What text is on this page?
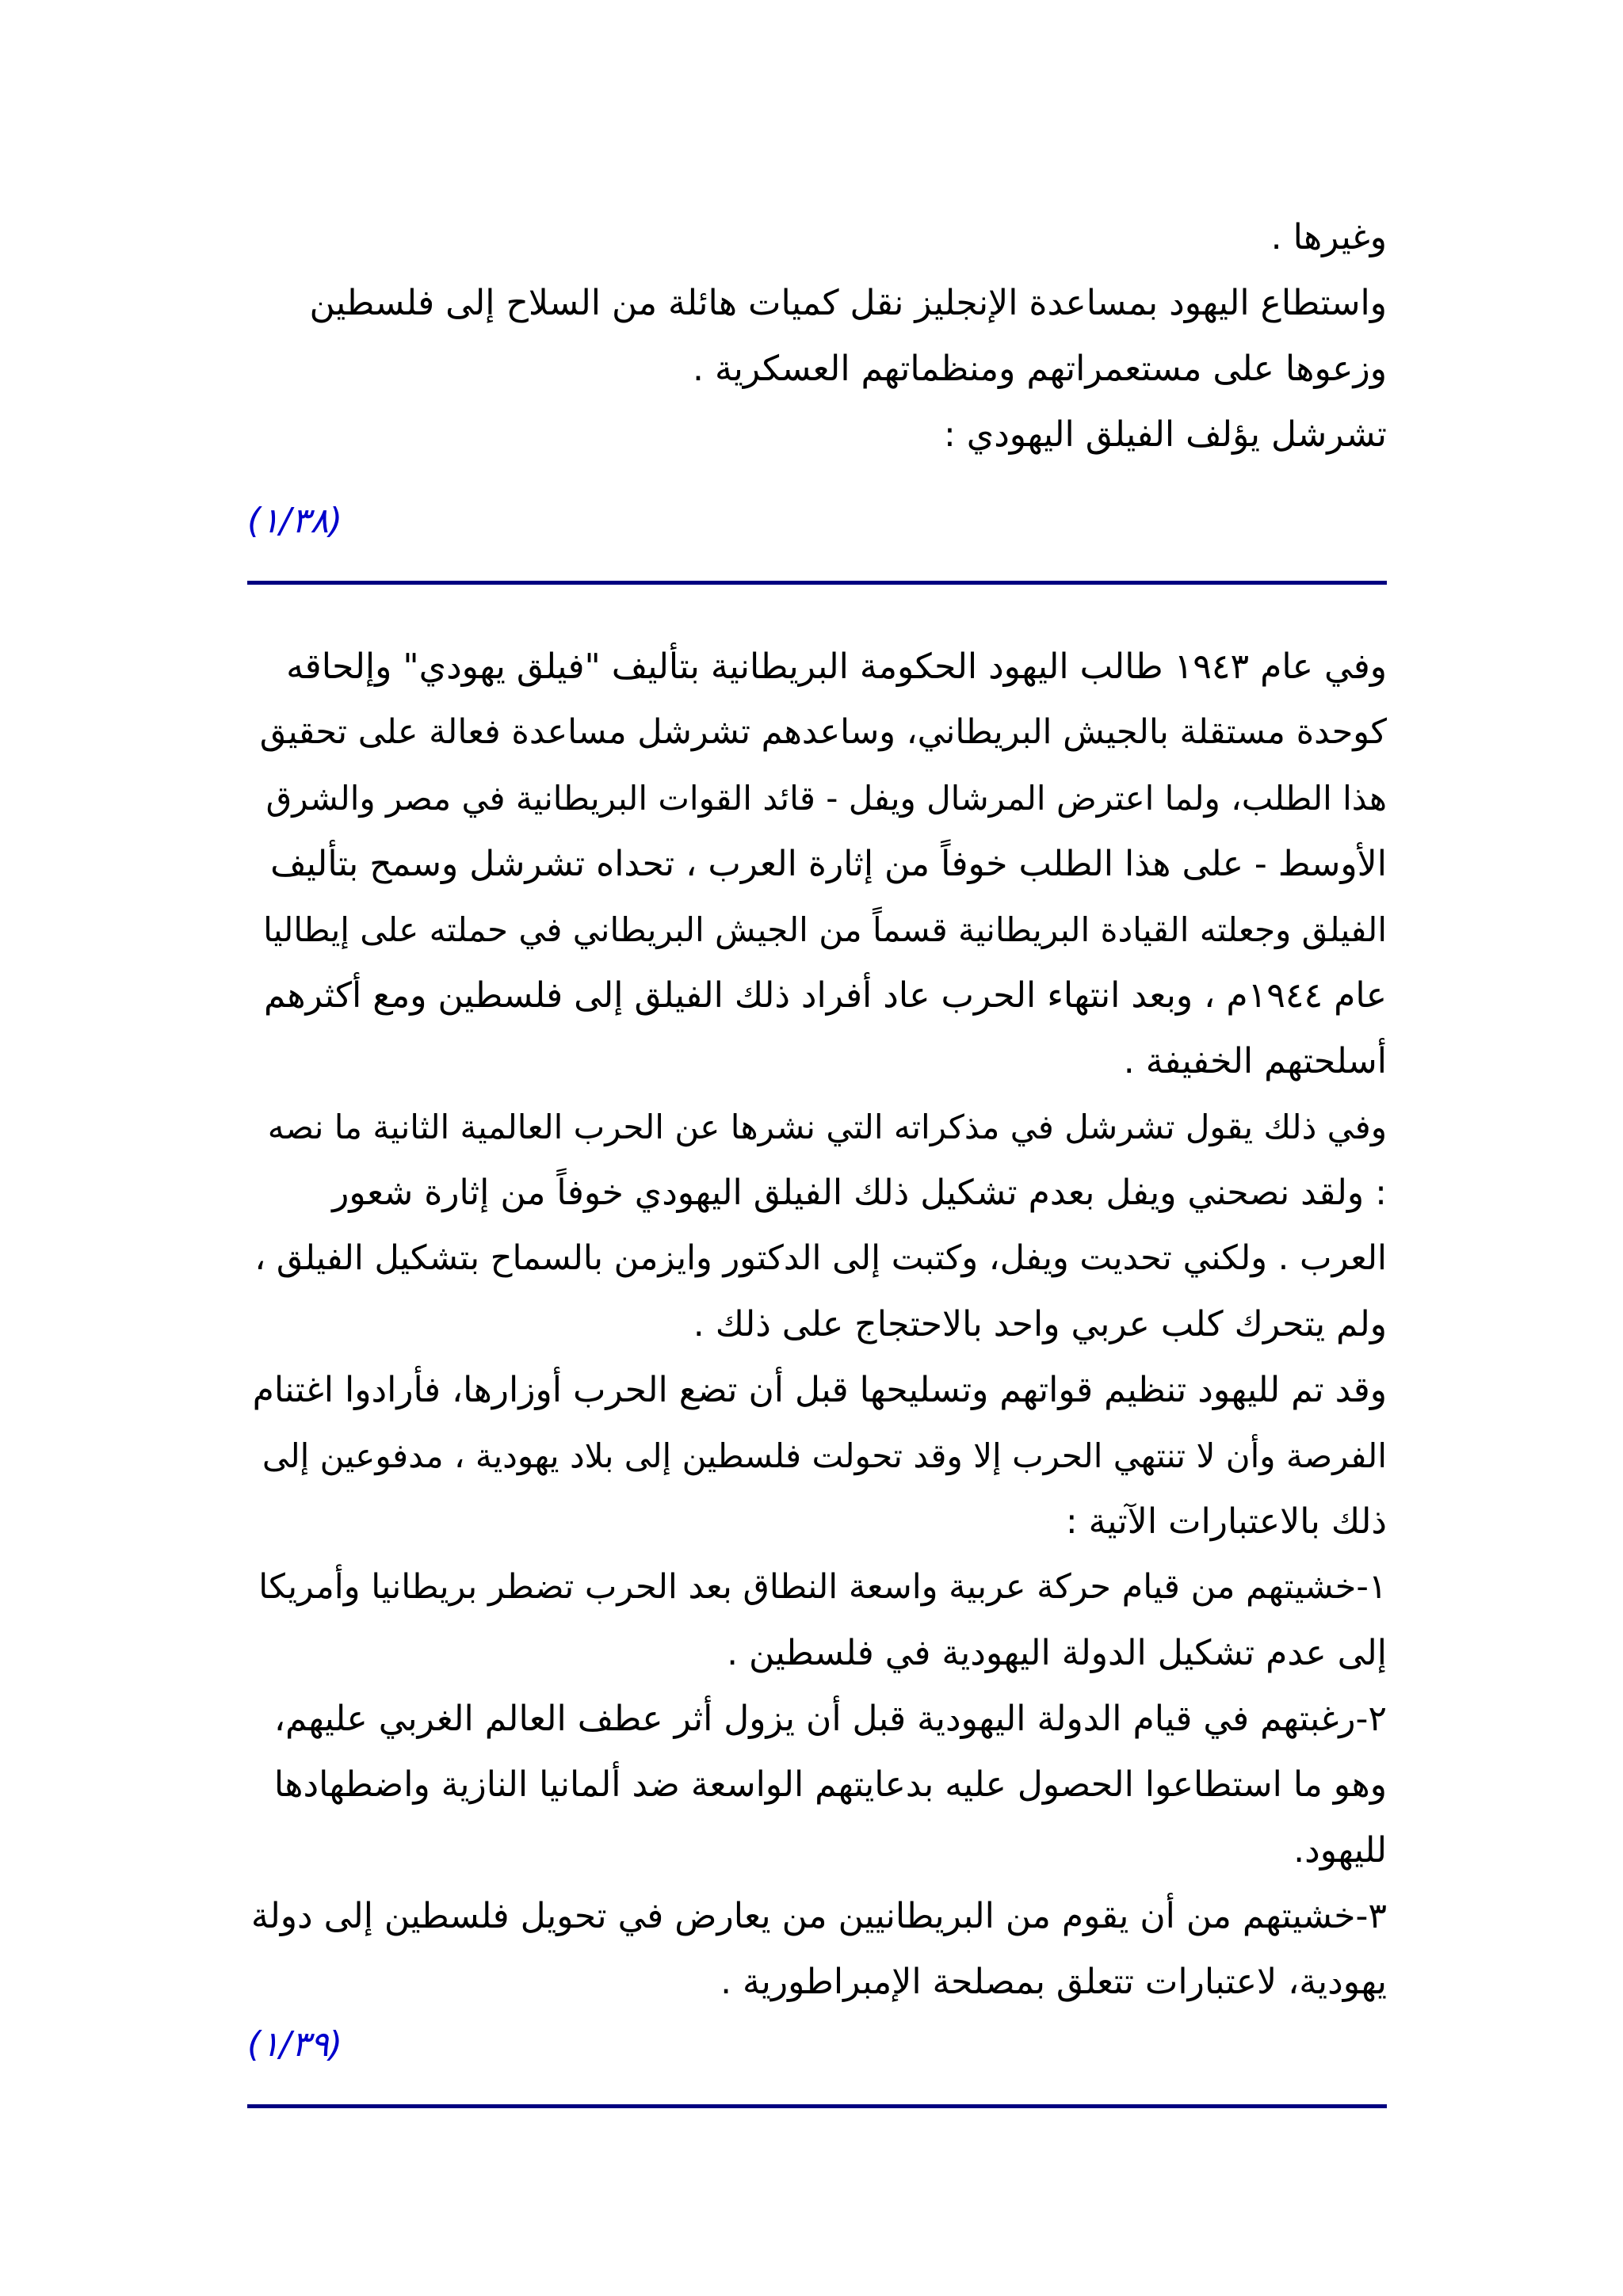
وغيرها .
واستطاع اليهود بمساعدة الإنجليز نقل كميات هائلة من السلاح إلى فلسطين
وزعوها على مستعمراتهم ومنظماتهم العسكرية .
تشرشل يؤلف الفيلق اليهودي :
(١/٣٨)
وفي عام ١٩٤٣ طالب اليهود الحكومة البريطانية بتأليف "فيلق يهودي" وإلحاقه
كوحدة مستقلة بالجيش البريطاني، وساعدهم تشرشل مساعدة فعالة على تحقيق
هذا الطلب، ولما اعترض المرشال ويفل - قائد القوات البريطانية في مصر والشرق
الأوسط - على هذا الطلب خوفاً من إثارة العرب ، تحداه تشرشل وسمح بتأليف
الفيلق وجعلته القيادة البريطانية قسماً من الجيش البريطاني في حملته على إيطاليا
عام ١٩٤٤م ، وبعد انتهاء الحرب عاد أفراد ذلك الفيلق إلى فلسطين ومع أكثرهم
أسلحتهم الخفيفة .
وفي ذلك يقول تشرشل في مذكراته التي نشرها عن الحرب العالمية الثانية ما نصه
: ولقد نصحني ويفل بعدم تشكيل ذلك الفيلق اليهودي خوفاً من إثارة شعور
العرب . ولكني تحديت ويفل، وكتبت إلى الدكتور وايزمن بالسماح بتشكيل الفيلق ،
ولم يتحرك كلب عربي واحد بالاحتجاج على ذلك .
وقد تم لليهود تنظيم قواتهم وتسليحها قبل أن تضع الحرب أوزارها، فأرادوا اغتنام
الفرصة وأن لا تنتهي الحرب إلا وقد تحولت فلسطين إلى بلاد يهودية ، مدفوعين إلى
ذلك بالاعتبارات الآتية :
١-خشيتهم من قيام حركة عربية واسعة النطاق بعد الحرب تضطر بريطانيا وأمريكا
إلى عدم تشكيل الدولة اليهودية في فلسطين .
٢-رغبتهم في قيام الدولة اليهودية قبل أن يزول أثر عطف العالم الغربي عليهم،
وهو ما استطاعوا الحصول عليه بدعايتهم الواسعة ضد ألمانيا النازية واضطهادها
لليهود.
٣-خشيتهم من أن يقوم من البريطانيين من يعارض في تحويل فلسطين إلى دولة
يهودية، لاعتبارات تتعلق بمصلحة الإمبراطورية .
(١/٣٩)
